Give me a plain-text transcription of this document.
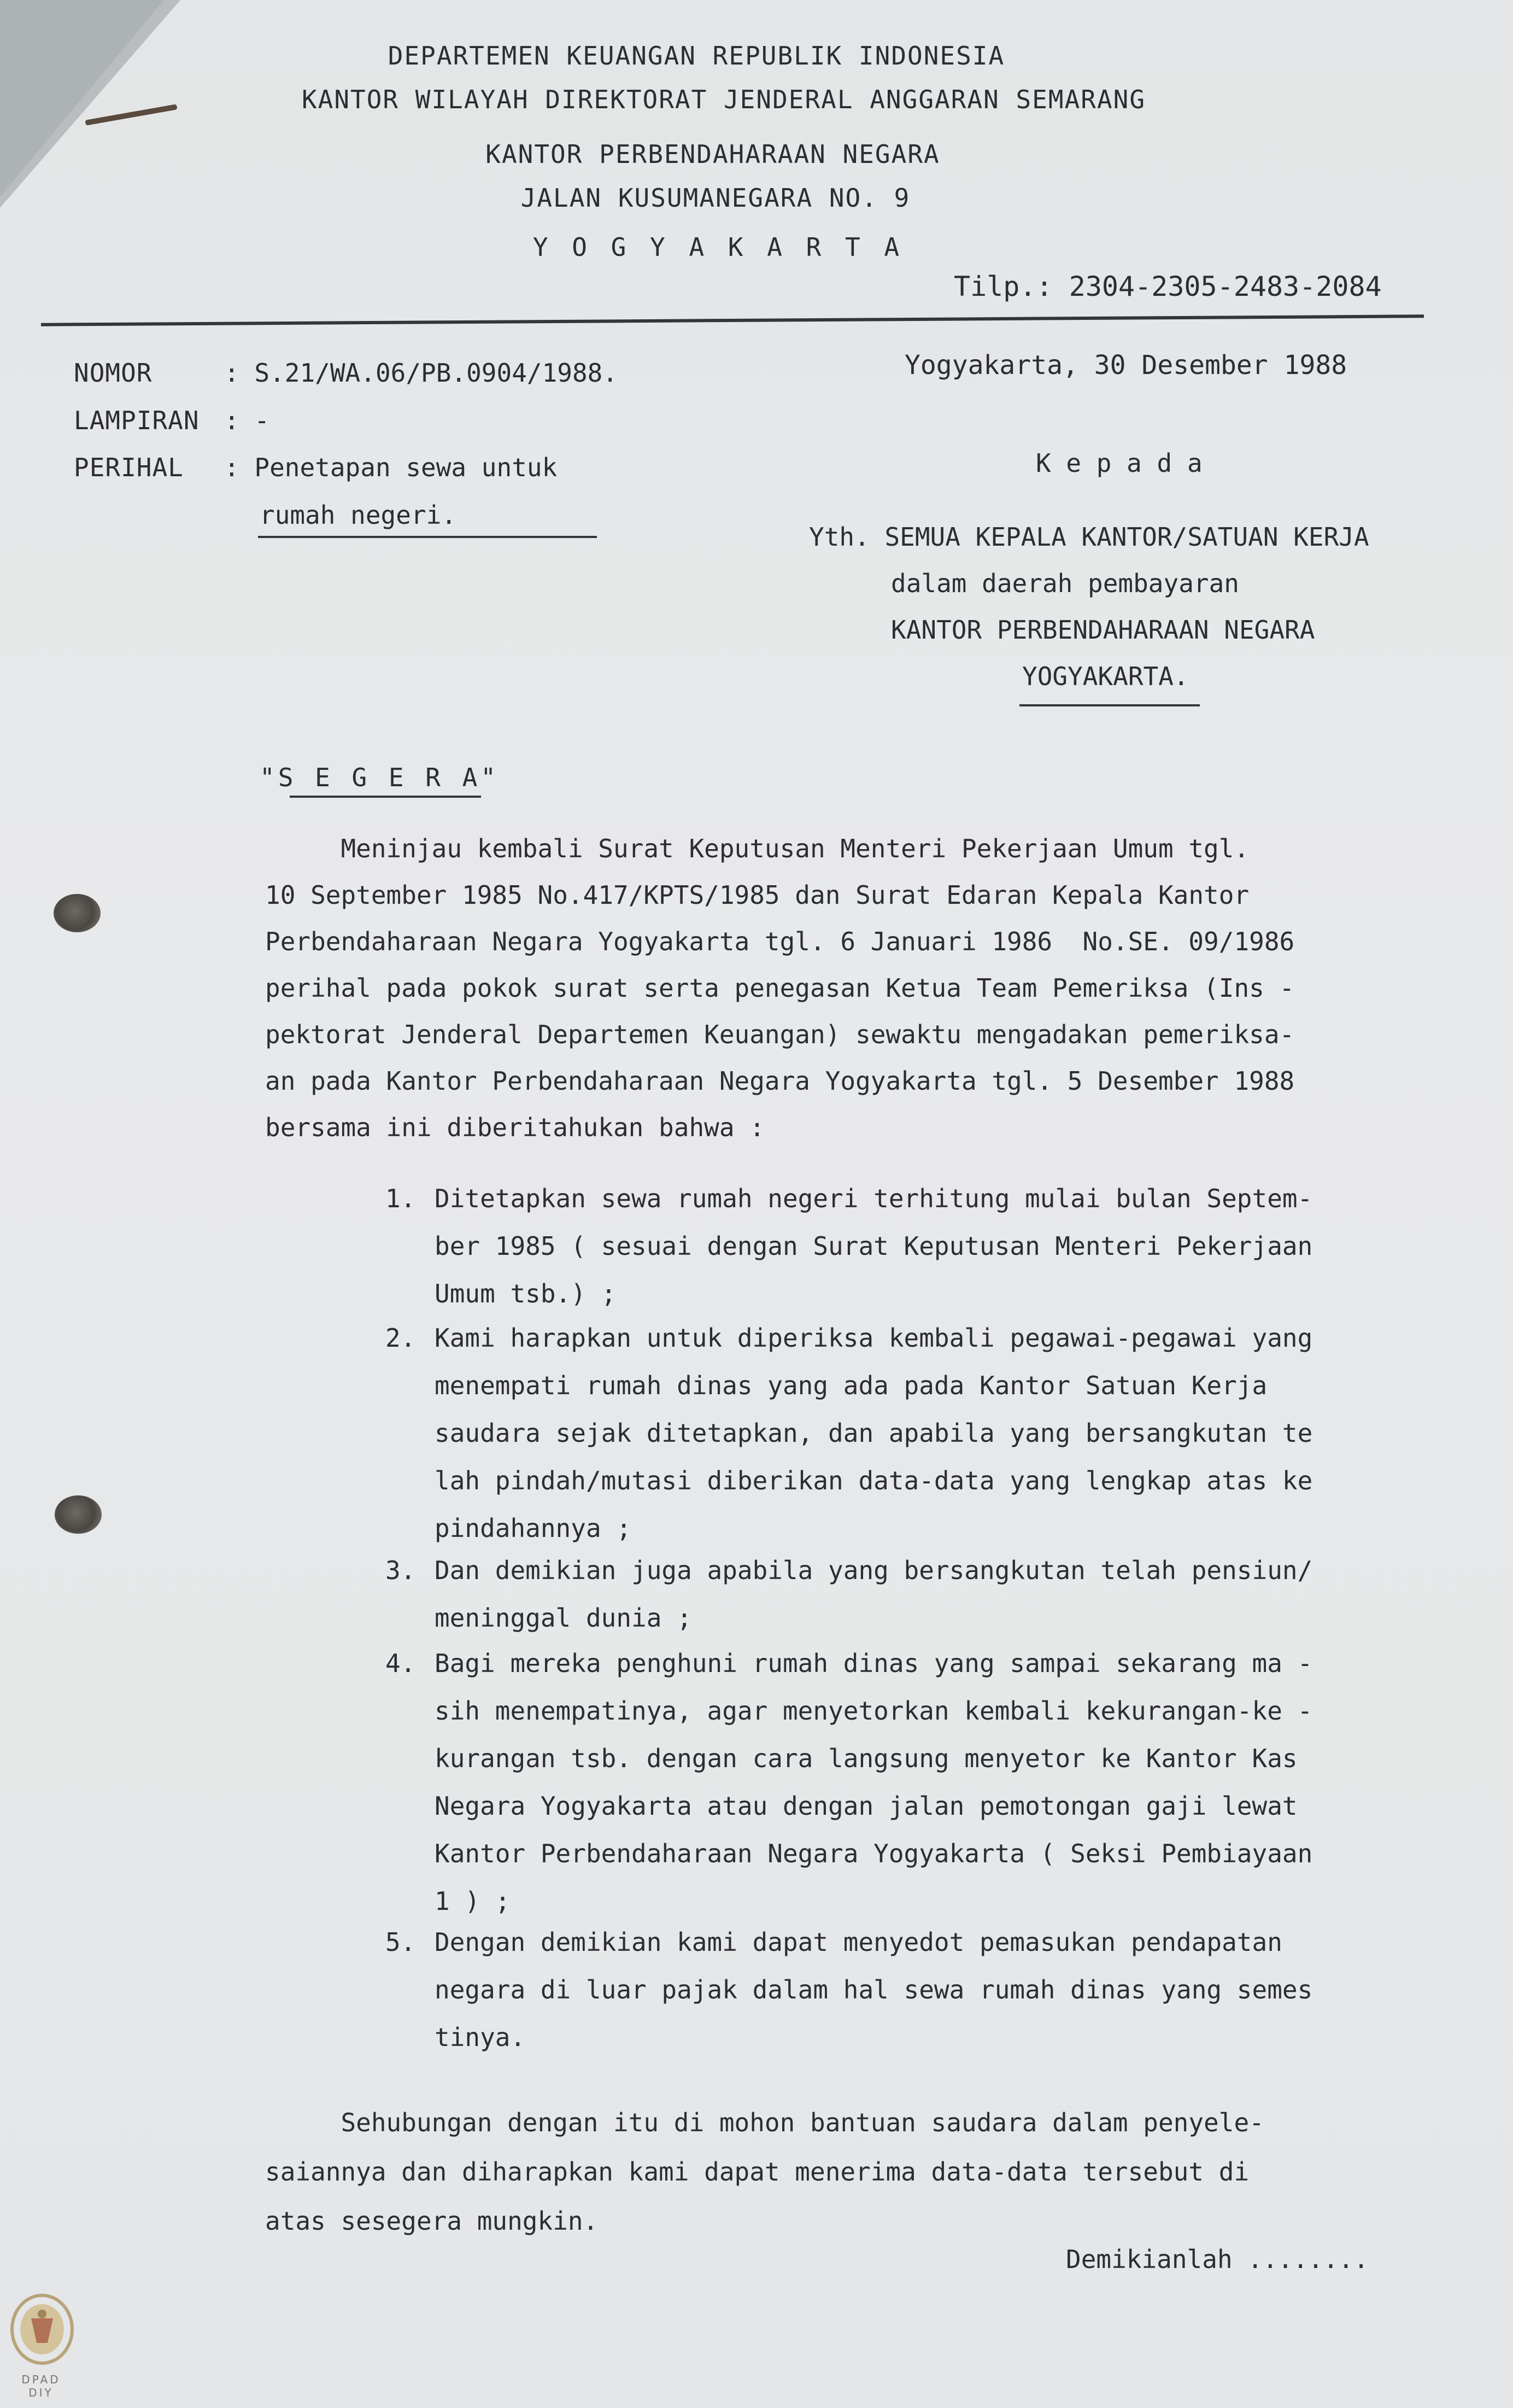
DEPARTEMEN KEUANGAN REPUBLIK INDONESIA
KANTOR WILAYAH DIREKTORAT JENDERAL ANGGARAN SEMARANG
KANTOR PERBENDAHARAAN NEGARA
JALAN KUSUMANEGARA NO. 9
Y O G Y A K A R T A
Tilp.: 2304-2305-2483-2084
NOMOR	: S.21/WA.06/PB.0904/1988.
LAMPIRAN : -
PERIHAL : Penetapan sewa untuk
rumah negeri.
Yogyakarta, 30 Desember 1988
K e p a d a
Yth. SEMUA KEPALA KANTOR/SATUAN KERJA
dalam daerah pembayaran
KANTOR PERBENDAHARAAN NEGARA
YOGYAKARTA.
"S E G E R A"
Meninjau kembali Surat Keputusan Menteri Pekerjaan Umum tgl.
10 September 1985 No.417/KPTS/1985 dan Surat Edaran Kepala Kantor
Perbendaharaan Negara Yogyakarta tgl. 6 Januari 1986  No.SE. 09/1986
perihal pada pokok surat serta penegasan Ketua Team Pemeriksa (Ins -
pektorat Jenderal Departemen Keuangan) sewaktu mengadakan pemeriksa-
an pada Kantor Perbendaharaan Negara Yogyakarta tgl. 5 Desember 1988
bersama ini diberitahukan bahwa :
1. Ditetapkan sewa rumah negeri terhitung mulai bulan Septem-
ber 1985 ( sesuai dengan Surat Keputusan Menteri Pekerjaan
Umum tsb.) ;
2. Kami harapkan untuk diperiksa kembali pegawai-pegawai yang
menempati rumah dinas yang ada pada Kantor Satuan Kerja
saudara sejak ditetapkan, dan apabila yang bersangkutan te
lah pindah/mutasi diberikan data-data yang lengkap atas ke
pindahannya ;
3. Dan demikian juga apabila yang bersangkutan telah pensiun/
meninggal dunia ;
4. Bagi mereka penghuni rumah dinas yang sampai sekarang ma -
sih menempatinya, agar menyetorkan kembali kekurangan-ke -
kurangan tsb. dengan cara langsung menyetor ke Kantor Kas
Negara Yogyakarta atau dengan jalan pemotongan gaji lewat
Kantor Perbendaharaan Negara Yogyakarta ( Seksi Pembiayaan
1 ) ;
5. Dengan demikian kami dapat menyedot pemasukan pendapatan
negara di luar pajak dalam hal sewa rumah dinas yang semes
tinya.
Sehubungan dengan itu di mohon bantuan saudara dalam penyele-
saiannya dan diharapkan kami dapat menerima data-data tersebut di
atas sesegera mungkin.
Demikianlah ........
DPAD DIY
